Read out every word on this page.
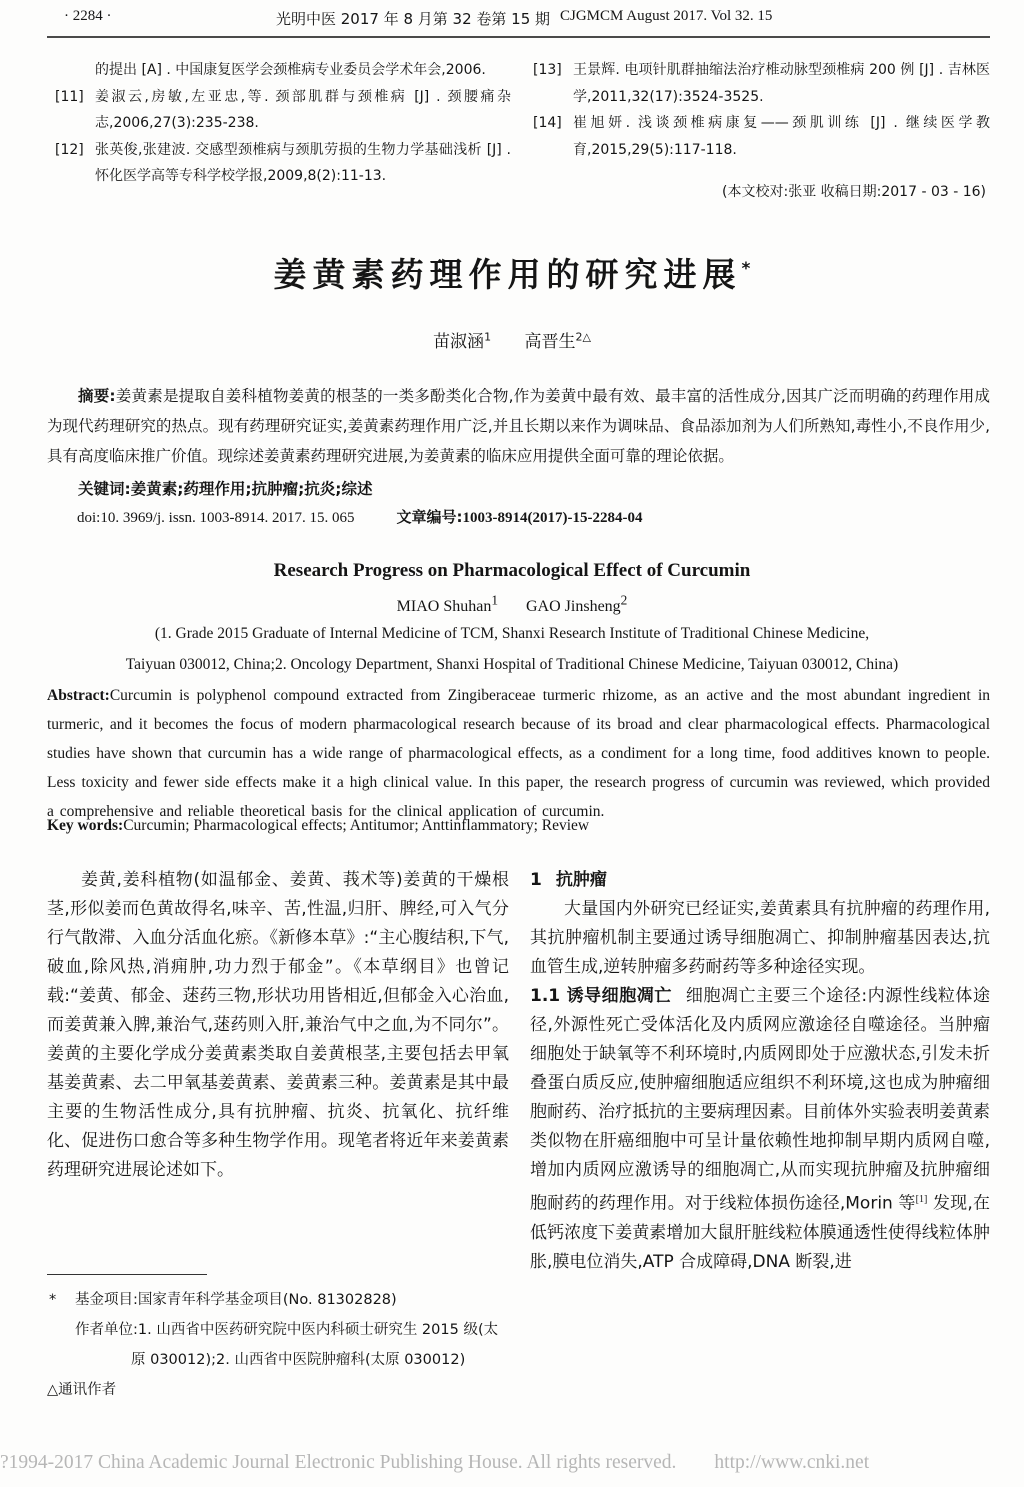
· 2284 ·	光明中医 2017 年 8 月第 32 卷第 15 期 CJGMCM August 2017. Vol 32. 15
的提出 [A] . 中国康复医学会颈椎病专业委员会学术年会,2006.
[11] 姜淑云,房敏,左亚忠,等. 颈部肌群与颈椎病 [J] . 颈腰痛杂志,2006,27(3):235-238.
[12] 张英俊,张建波. 交感型颈椎病与颈肌劳损的生物力学基础浅析 [J] . 怀化医学高等专科学校学报,2009,8(2):11-13.
[13] 王景辉. 电项针肌群抽缩法治疗椎动脉型颈椎病 200 例 [J] . 吉林医学,2011,32(17):3524-3525.
[14] 崔旭妍. 浅谈颈椎病康复——颈肌训练 [J] . 继续医学教育,2015,29(5):117-118.
(本文校对:张亚 收稿日期:2017 - 03 - 16)
姜黄素药理作用的研究进展*
苗淑涵$^1$ 高晋生$^{2\triangle}$

摘要:姜黄素是提取自姜科植物姜黄的根茎的一类多酚类化合物,作为姜黄中最有效、最丰富的活性成分,因其广泛而明确的药理作用成为现代药理研究的热点。现有药理研究证实,姜黄素药理作用广泛,并且长期以来作为调味品、食品添加剂为人们所熟知,毒性小,不良作用少,具有高度临床推广价值。现综述姜黄素药理研究进展,为姜黄素的临床应用提供全面可靠的理论依据。

关键词:姜黄素;药理作用;抗肿瘤;抗炎;综述

doi:10. 3969/j. issn. 1003-8914. 2017. 15. 065	文章编号:1003-8914(2017)-15-2284-04

Research Progress on Pharmacological Effect of Curcumin
MIAO Shuhan$^1$ GAO Jinsheng$^2$
(1. Grade 2015 Graduate of Internal Medicine of TCM, Shanxi Research Institute of Traditional Chinese Medicine,
Taiyuan 030012, China;2. Oncology Department, Shanxi Hospital of Traditional Chinese Medicine, Taiyuan 030012, China)

Abstract:Curcumin is polyphenol compound extracted from Zingiberaceae turmeric rhizome, as an active and the most abundant ingredient in turmeric, and it becomes the focus of modern pharmacological research because of its broad and clear pharmacological effects. Pharmacological studies have shown that curcumin has a wide range of pharmacological effects, as a condiment for a long time, food additives known to people. Less toxicity and fewer side effects make it a high clinical value. In this paper, the research progress of curcumin was reviewed, which provided a comprehensive and reliable theoretical basis for the clinical application of curcumin.

Key words:Curcumin; Pharmacological effects; Antitumor; Anttinflammatory; Review

姜黄,姜科植物(如温郁金、姜黄、莪术等)姜黄的干燥根茎,形似姜而色黄故得名,味辛、苦,性温,归肝、脾经,可入气分行气散滞、入血分活血化瘀。《新修本草》:“主心腹结积,下气,破血,除风热,消痈肿,功力烈于郁金”。《本草纲目》也曾记载:“姜黄、郁金、蒁药三物,形状功用皆相近,但郁金入心治血,而姜黄兼入脾,兼治气,蒁药则入肝,兼治气中之血,为不同尔”。姜黄的主要化学成分姜黄素类取自姜黄根茎,主要包括去甲氧基姜黄素、去二甲氧基姜黄素、姜黄素三种。姜黄素是其中最主要的生物活性成分,具有抗肿瘤、抗炎、抗氧化、抗纤维化、促进伤口愈合等多种生物学作用。现笔者将近年来姜黄素药理研究进展论述如下。

1 抗肿瘤

大量国内外研究已经证实,姜黄素具有抗肿瘤的药理作用,其抗肿瘤机制主要通过诱导细胞凋亡、抑制肿瘤基因表达,抗血管生成,逆转肿瘤多药耐药等多种途径实现。

1.1 诱导细胞凋亡 细胞凋亡主要三个途径:内源性线粒体途径,外源性死亡受体活化及内质网应激途径自噬途径。当肿瘤细胞处于缺氧等不利环境时,内质网即处于应激状态,引发未折叠蛋白质反应,使肿瘤细胞适应组织不利环境,这也成为肿瘤细胞耐药、治疗抵抗的主要病理因素。目前体外实验表明姜黄素类似物在肝癌细胞中可呈计量依赖性地抑制早期内质网自噬,增加内质网应激诱导的细胞凋亡,从而实现抗肿瘤及抗肿瘤细胞耐药的药理作用。对于线粒体损伤途径,Morin 等[1] 发现,在低钙浓度下姜黄素增加大鼠肝脏线粒体膜通透性使得线粒体肿胀,膜电位消失,ATP 合成障碍,DNA 断裂,进

* 基金项目:国家青年科学基金项目(No. 81302828)
作者单位:1. 山西省中医药研究院中医内科硕士研究生 2015 级(太原 030012);2. 山西省中医院肿瘤科(太原 030012)
△通讯作者
?1994-2017 China Academic Journal Electronic Publishing House. All rights reserved. http://www.cnki.net
